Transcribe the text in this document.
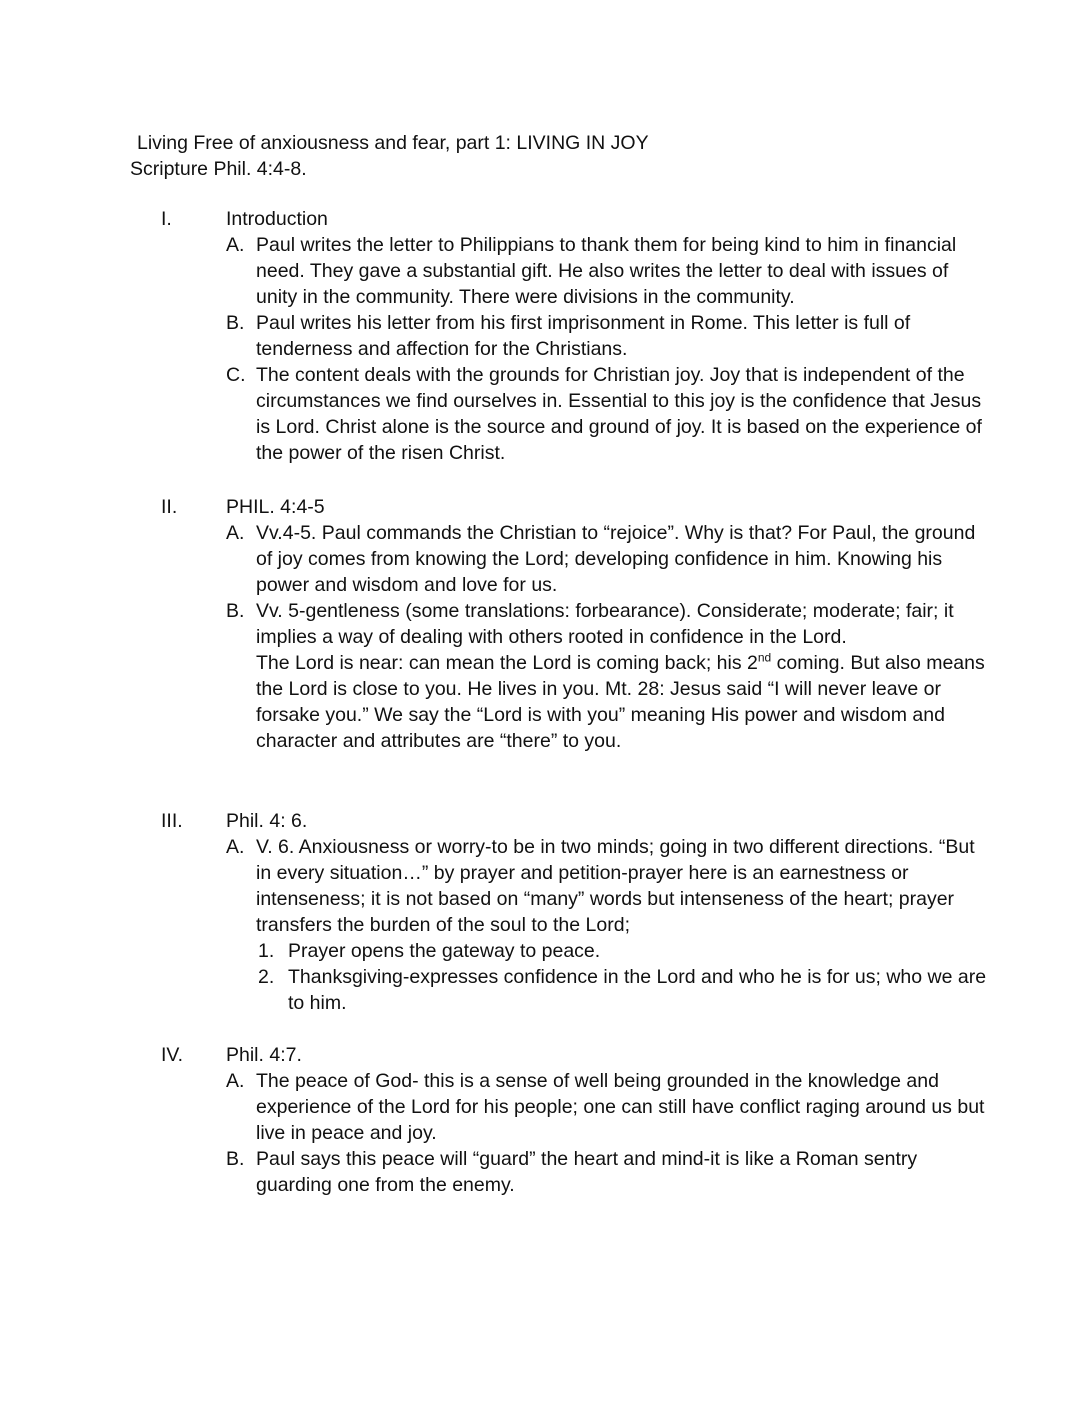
Living Free of anxiousness and fear, part 1: LIVING IN JOY
Scripture Phil. 4:4-8.
I.	Introduction
A. Paul writes the letter to Philippians to thank them for being kind to him in financial need. They gave a substantial gift. He also writes the letter to deal with issues of unity in the community. There were divisions in the community.
B. Paul writes his letter from his first imprisonment in Rome. This letter is full of tenderness and affection for the Christians.
C. The content deals with the grounds for Christian joy. Joy that is independent of the circumstances we find ourselves in. Essential to this joy is the confidence that Jesus is Lord. Christ alone is the source and ground of joy. It is based on the experience of the power of the risen Christ.
II. PHIL. 4:4-5
A. Vv.4-5. Paul commands the Christian to “rejoice”. Why is that? For Paul, the ground of joy comes from knowing the Lord; developing confidence in him. Knowing his power and wisdom and love for us.
B. Vv. 5-gentleness (some translations: forbearance). Considerate; moderate; fair; it implies a way of dealing with others rooted in confidence in the Lord.
The Lord is near: can mean the Lord is coming back; his 2nd coming. But also means the Lord is close to you. He lives in you. Mt. 28: Jesus said “I will never leave or forsake you.” We say the “Lord is with you” meaning His power and wisdom and character and attributes are “there” to you.
III. Phil. 4: 6.
A. V. 6. Anxiousness or worry-to be in two minds; going in two different directions. “But in every situation…” by prayer and petition-prayer here is an earnestness or intenseness; it is not based on “many” words but intenseness of the heart; prayer transfers the burden of the soul to the Lord;
1. Prayer opens the gateway to peace.
2. Thanksgiving-expresses confidence in the Lord and who he is for us; who we are to him.
IV. Phil. 4:7.
A. The peace of God- this is a sense of well being grounded in the knowledge and experience of the Lord for his people; one can still have conflict raging around us but live in peace and joy.
B. Paul says this peace will “guard” the heart and mind-it is like a Roman sentry guarding one from the enemy.
